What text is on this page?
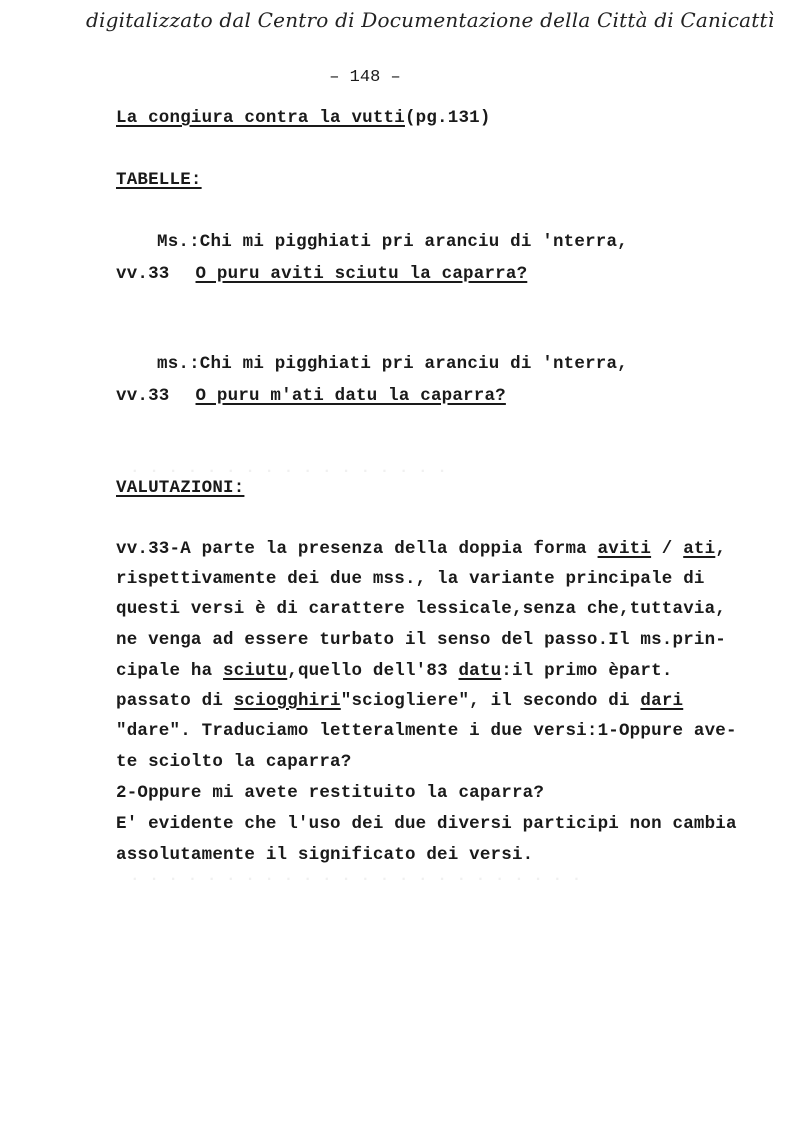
digitalizzato dal Centro di Documentazione della Città di Canicattì
– 148 –
La congiura contra la vutti(pg.131)
TABELLE:
Ms.:Chi mi pigghiati pri aranciu di 'nterra,
vv.33 O puru aviti sciutu la caparra?
ms.:Chi mi pigghiati pri aranciu di 'nterra,
vv.33 O puru m'ati datu la caparra?
· · · · · · · · · · · · · · · · ·
· · · · · · · · · · · · · · · · · · · · · · · ·
VALUTAZIONI:
vv.33-A parte la presenza della doppia forma aviti / ati,
rispettivamente dei due mss., la variante principale di
questi versi è di carattere lessicale,senza che,tuttavia,
ne venga ad essere turbato il senso del passo.Il ms.prin-
cipale ha sciutu,quello dell'83 datu:il primo èpart.
passato di sciogghiri"sciogliere", il secondo di dari
"dare". Traduciamo letteralmente i due versi:1-Oppure ave-
te sciolto la caparra?
2-Oppure mi avete restituito la caparra?
E' evidente che l'uso dei due diversi participi non cambia
assolutamente il significato dei versi.
